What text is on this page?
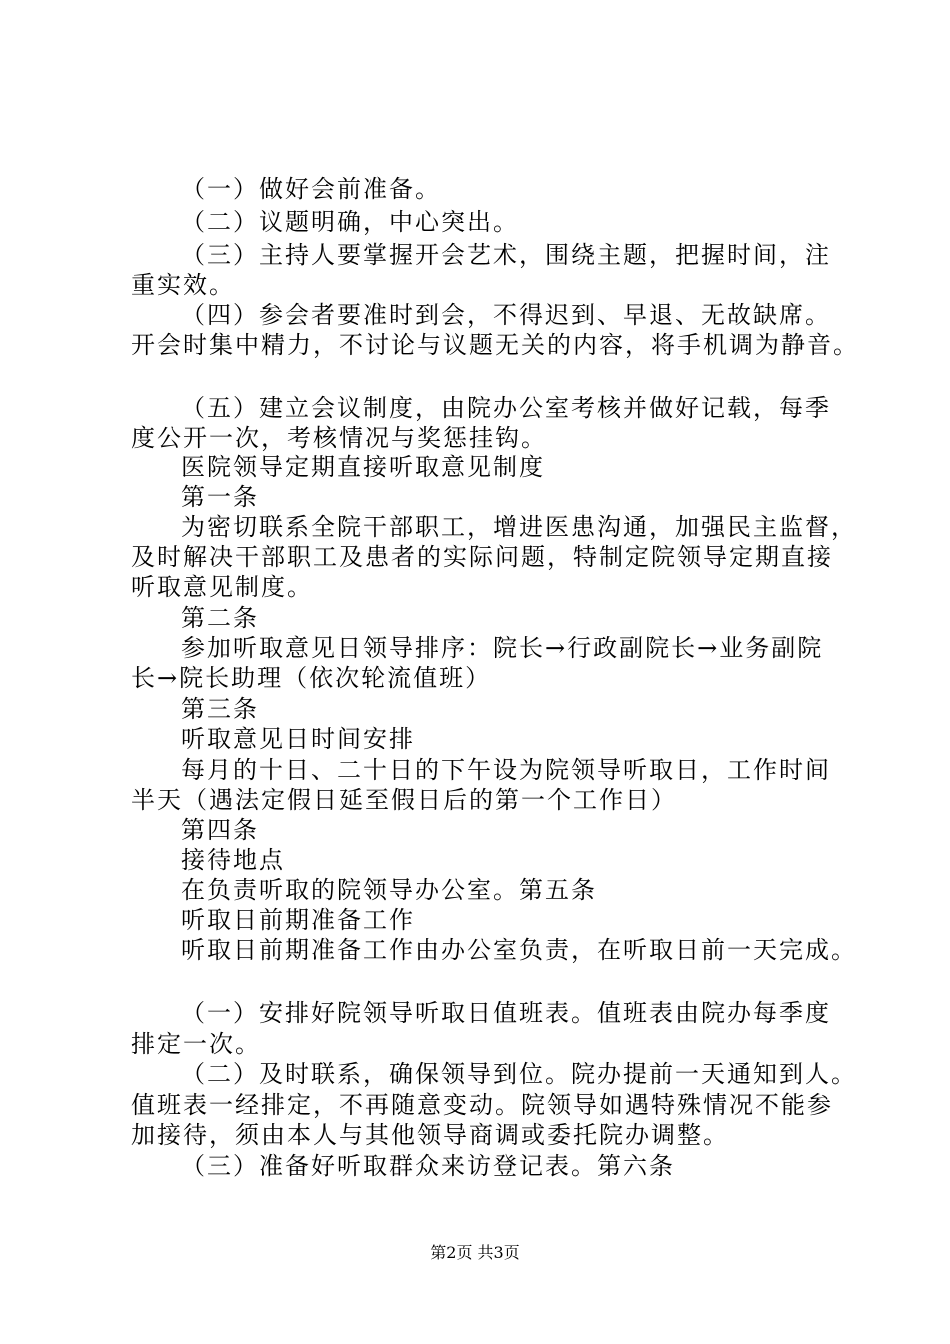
（一）做好会前准备。
（二）议题明确，中心突出。
（三）主持人要掌握开会艺术，围绕主题，把握时间，注
重实效。
（四）参会者要准时到会，不得迟到、早退、无故缺席。
开会时集中精力，不讨论与议题无关的内容，将手机调为静音。
（五）建立会议制度，由院办公室考核并做好记载，每季
度公开一次，考核情况与奖惩挂钩。
医院领导定期直接听取意见制度
第一条
为密切联系全院干部职工，增进医患沟通，加强民主监督，
及时解决干部职工及患者的实际问题，特制定院领导定期直接
听取意见制度。
第二条
参加听取意见日领导排序：院长→行政副院长→业务副院
长→院长助理（依次轮流值班）
第三条
听取意见日时间安排
每月的十日、二十日的下午设为院领导听取日，工作时间
半天（遇法定假日延至假日后的第一个工作日）
第四条
接待地点
在负责听取的院领导办公室。第五条
听取日前期准备工作
听取日前期准备工作由办公室负责，在听取日前一天完成。
（一）安排好院领导听取日值班表。值班表由院办每季度
排定一次。
（二）及时联系，确保领导到位。院办提前一天通知到人。
值班表一经排定，不再随意变动。院领导如遇特殊情况不能参
加接待，须由本人与其他领导商调或委托院办调整。
（三）准备好听取群众来访登记表。第六条
第2页 共3页
